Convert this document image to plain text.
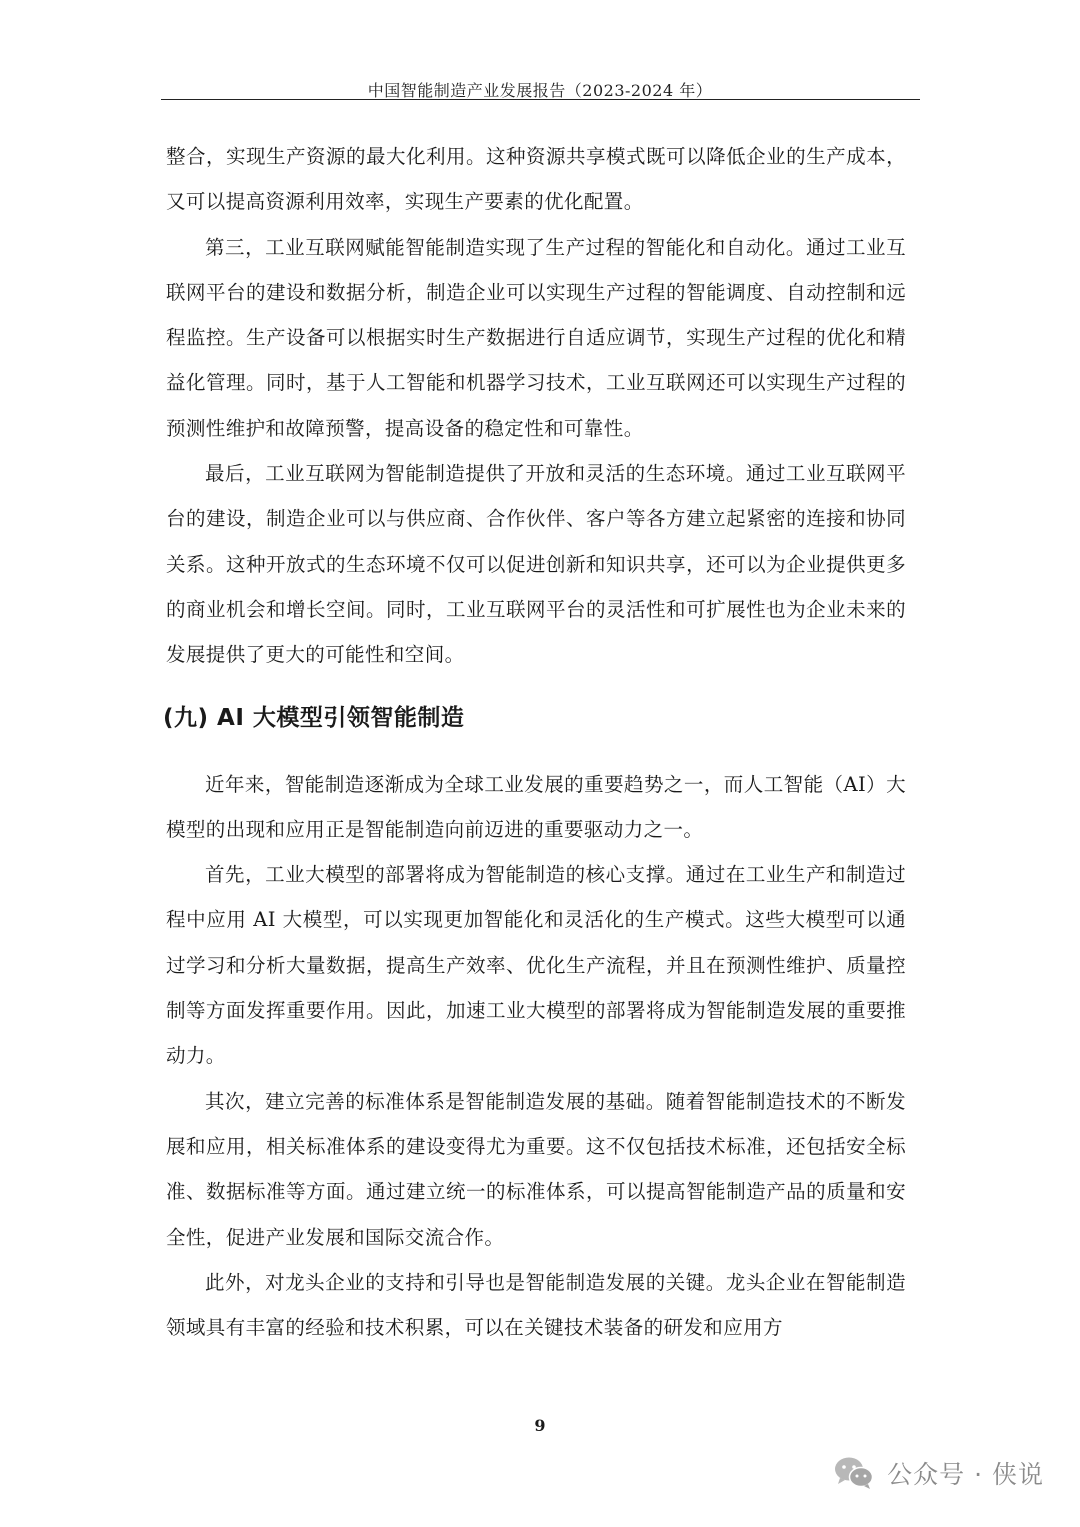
中国智能制造产业发展报告（2023-2024 年）

整合，实现生产资源的最大化利用。这种资源共享模式既可以降低企业的生产成本，又可以提高资源利用效率，实现生产要素的优化配置。

第三，工业互联网赋能智能制造实现了生产过程的智能化和自动化。通过工业互联网平台的建设和数据分析，制造企业可以实现生产过程的智能调度、自动控制和远程监控。生产设备可以根据实时生产数据进行自适应调节，实现生产过程的优化和精益化管理。同时，基于人工智能和机器学习技术，工业互联网还可以实现生产过程的预测性维护和故障预警，提高设备的稳定性和可靠性。

最后，工业互联网为智能制造提供了开放和灵活的生态环境。通过工业互联网平台的建设，制造企业可以与供应商、合作伙伴、客户等各方建立起紧密的连接和协同关系。这种开放式的生态环境不仅可以促进创新和知识共享，还可以为企业提供更多的商业机会和增长空间。同时，工业互联网平台的灵活性和可扩展性也为企业未来的发展提供了更大的可能性和空间。

(九) AI 大模型引领智能制造

近年来，智能制造逐渐成为全球工业发展的重要趋势之一，而人工智能（AI）大模型的出现和应用正是智能制造向前迈进的重要驱动力之一。

首先，工业大模型的部署将成为智能制造的核心支撑。通过在工业生产和制造过程中应用 AI 大模型，可以实现更加智能化和灵活化的生产模式。这些大模型可以通过学习和分析大量数据，提高生产效率、优化生产流程，并且在预测性维护、质量控制等方面发挥重要作用。因此，加速工业大模型的部署将成为智能制造发展的重要推动力。

其次，建立完善的标准体系是智能制造发展的基础。随着智能制造技术的不断发展和应用，相关标准体系的建设变得尤为重要。这不仅包括技术标准，还包括安全标准、数据标准等方面。通过建立统一的标准体系，可以提高智能制造产品的质量和安全性，促进产业发展和国际交流合作。

此外，对龙头企业的支持和引导也是智能制造发展的关键。龙头企业在智能制造领域具有丰富的经验和技术积累，可以在关键技术装备的研发和应用方

9
公众号 · 侠说
